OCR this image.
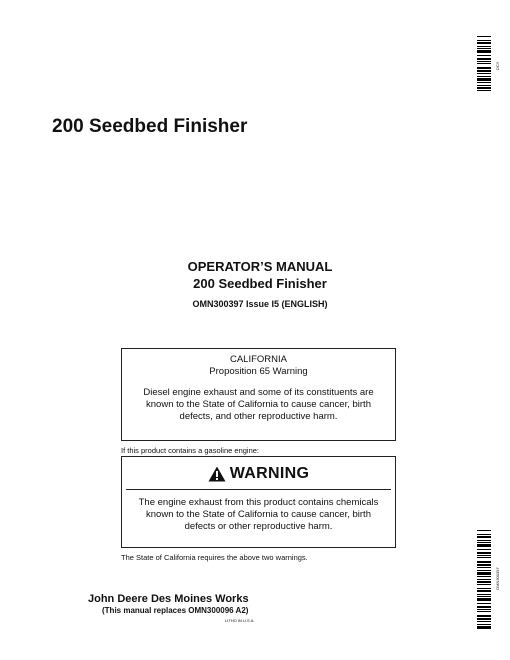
200 Seedbed Finisher
OPERATOR’S MANUAL
200 Seedbed Finisher
OMN300397 Issue I5 (ENGLISH)
CALIFORNIA
Proposition 65 Warning
Diesel engine exhaust and some of its constituents are known to the State of California to cause cancer, birth defects, and other reproductive harm.
If this product contains a gasoline engine:
WARNING
The engine exhaust from this product contains chemicals known to the State of California to cause cancer, birth defects or other reproductive harm.
The State of California requires the above two warnings.
John Deere Des Moines Works
(This manual replaces OMN300096 A2)
LITHO IN U.S.A.
DCY
OMN300397
